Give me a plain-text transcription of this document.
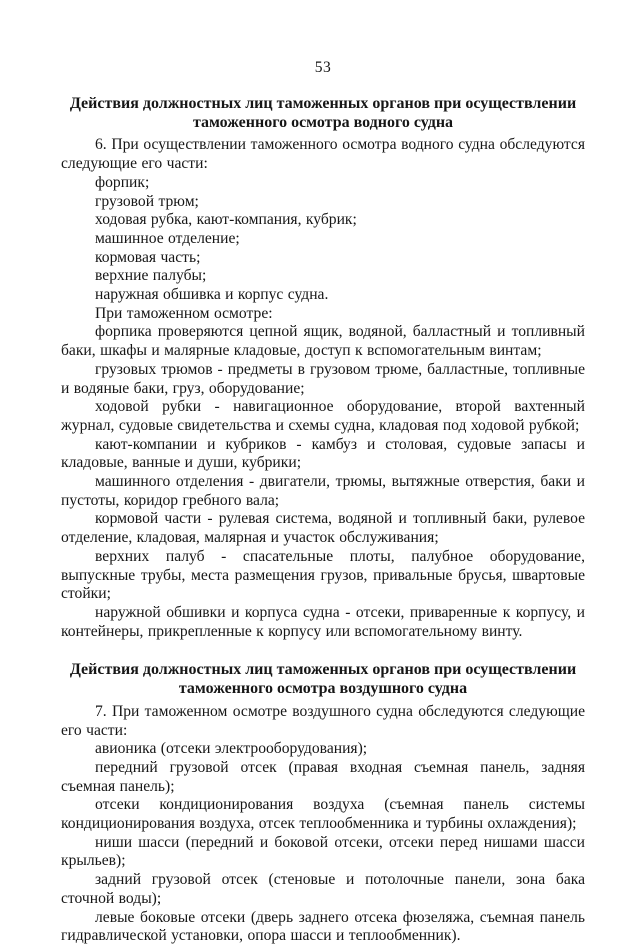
53
Действия должностных лиц таможенных органов при осуществлении
таможенного осмотра водного судна

6. При осуществлении таможенного осмотра водного судна обследуются следующие его части:

форпик;

грузовой трюм;

ходовая рубка, кают-компания, кубрик;

машинное отделение;

кормовая часть;

верхние палубы;

наружная обшивка и корпус судна.

При таможенном осмотре:

форпика проверяются цепной ящик, водяной, балластный и топливный баки, шкафы и малярные кладовые, доступ к вспомогательным винтам;

грузовых трюмов - предметы в грузовом трюме, балластные, топливные и водяные баки, груз, оборудование;

ходовой рубки - навигационное оборудование, второй вахтенный журнал, судовые свидетельства и схемы судна, кладовая под ходовой рубкой;

кают-компании и кубриков - камбуз и столовая, судовые запасы и кладовые, ванные и души, кубрики;

машинного отделения - двигатели, трюмы, вытяжные отверстия, баки и пустоты, коридор гребного вала;

кормовой части - рулевая система, водяной и топливный баки, рулевое отделение, кладовая, малярная и участок обслуживания;

верхних палуб - спасательные плоты, палубное оборудование, выпускные трубы, места размещения грузов, привальные брусья, швартовые стойки;

наружной обшивки и корпуса судна - отсеки, приваренные к корпусу, и контейнеры, прикрепленные к корпусу или вспомогательному винту.

Действия должностных лиц таможенных органов при осуществлении
таможенного осмотра воздушного судна

7. При таможенном осмотре воздушного судна обследуются следующие его части:

авионика (отсеки электрооборудования);

передний грузовой отсек (правая входная съемная панель, задняя съемная панель);

отсеки кондиционирования воздуха (съемная панель системы кондиционирования воздуха, отсек теплообменника и турбины охлаждения);

ниши шасси (передний и боковой отсеки, отсеки перед нишами шасси крыльев);

задний грузовой отсек (стеновые и потолочные панели, зона бака сточной воды);

левые боковые отсеки (дверь заднего отсека фюзеляжа, съемная панель гидравлической установки, опора шасси и теплообменник).
